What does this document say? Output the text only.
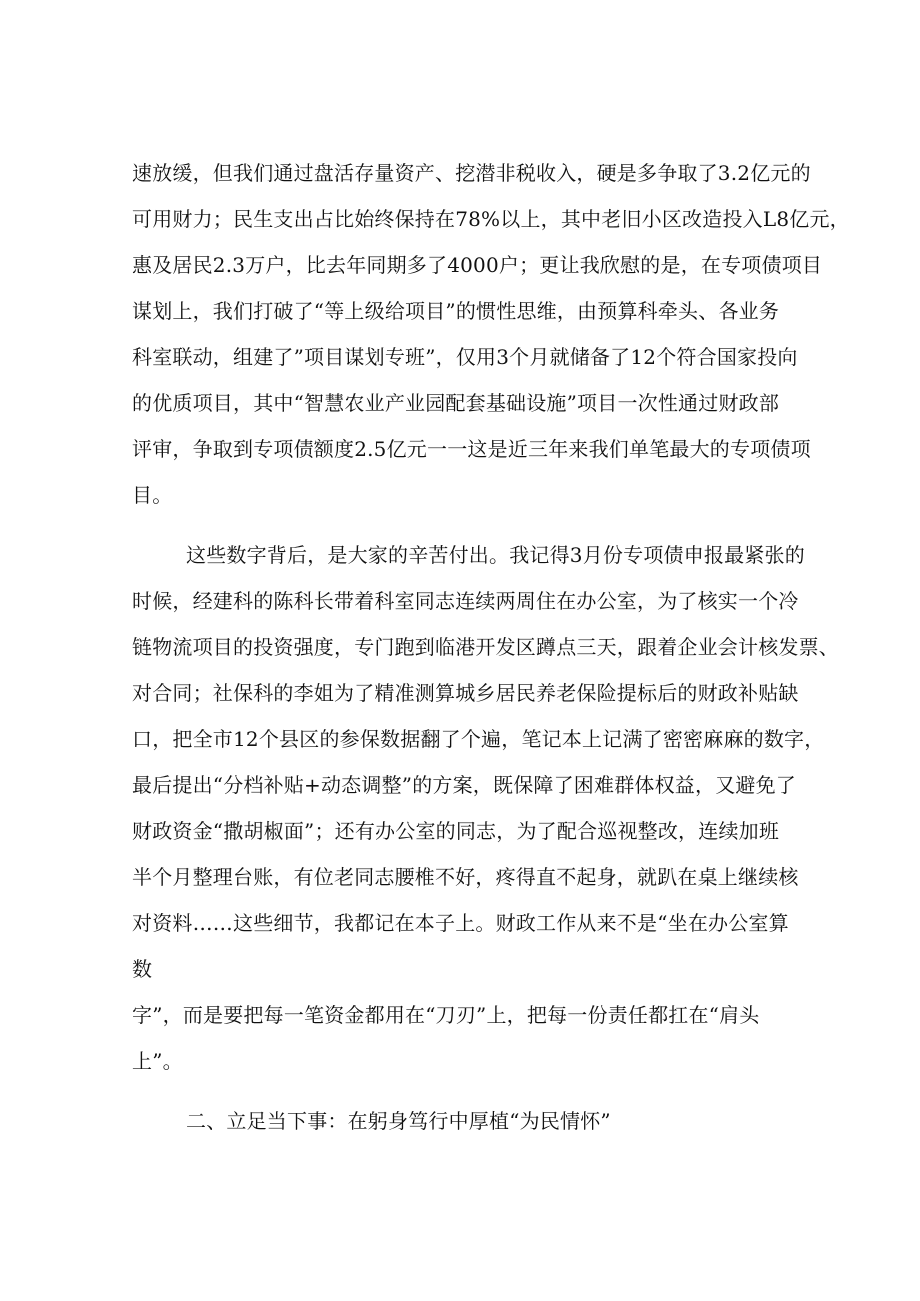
速放缓，但我们通过盘活存量资产、挖潜非税收入，硬是多争取了3.2亿元的
可用财力；民生支出占比始终保持在78%以上，其中老旧小区改造投入L8亿元，
惠及居民2.3万户，比去年同期多了4000户；更让我欣慰的是，在专项债项目
谋划上，我们打破了“等上级给项目”的惯性思维，由预算科牵头、各业务
科室联动，组建了”项目谋划专班”，仅用3个月就储备了12个符合国家投向
的优质项目，其中“智慧农业产业园配套基础设施”项目一次性通过财政部
评审，争取到专项债额度2.5亿元一一这是近三年来我们单笔最大的专项债项
目。
这些数字背后，是大家的辛苦付出。我记得3月份专项债申报最紧张的
时候，经建科的陈科长带着科室同志连续两周住在办公室，为了核实一个冷
链物流项目的投资强度，专门跑到临港开发区蹲点三天，跟着企业会计核发票、
对合同；社保科的李姐为了精准测算城乡居民养老保险提标后的财政补贴缺
口，把全市12个县区的参保数据翻了个遍，笔记本上记满了密密麻麻的数字，
最后提出“分档补贴+动态调整”的方案，既保障了困难群体权益，又避免了
财政资金“撒胡椒面”；还有办公室的同志，为了配合巡视整改，连续加班
半个月整理台账，有位老同志腰椎不好，疼得直不起身，就趴在桌上继续核
对资料……这些细节，我都记在本子上。财政工作从来不是“坐在办公室算
数
字”，而是要把每一笔资金都用在“刀刃”上，把每一份责任都扛在“肩头
上”。
二、立足当下事：在躬身笃行中厚植“为民情怀”
